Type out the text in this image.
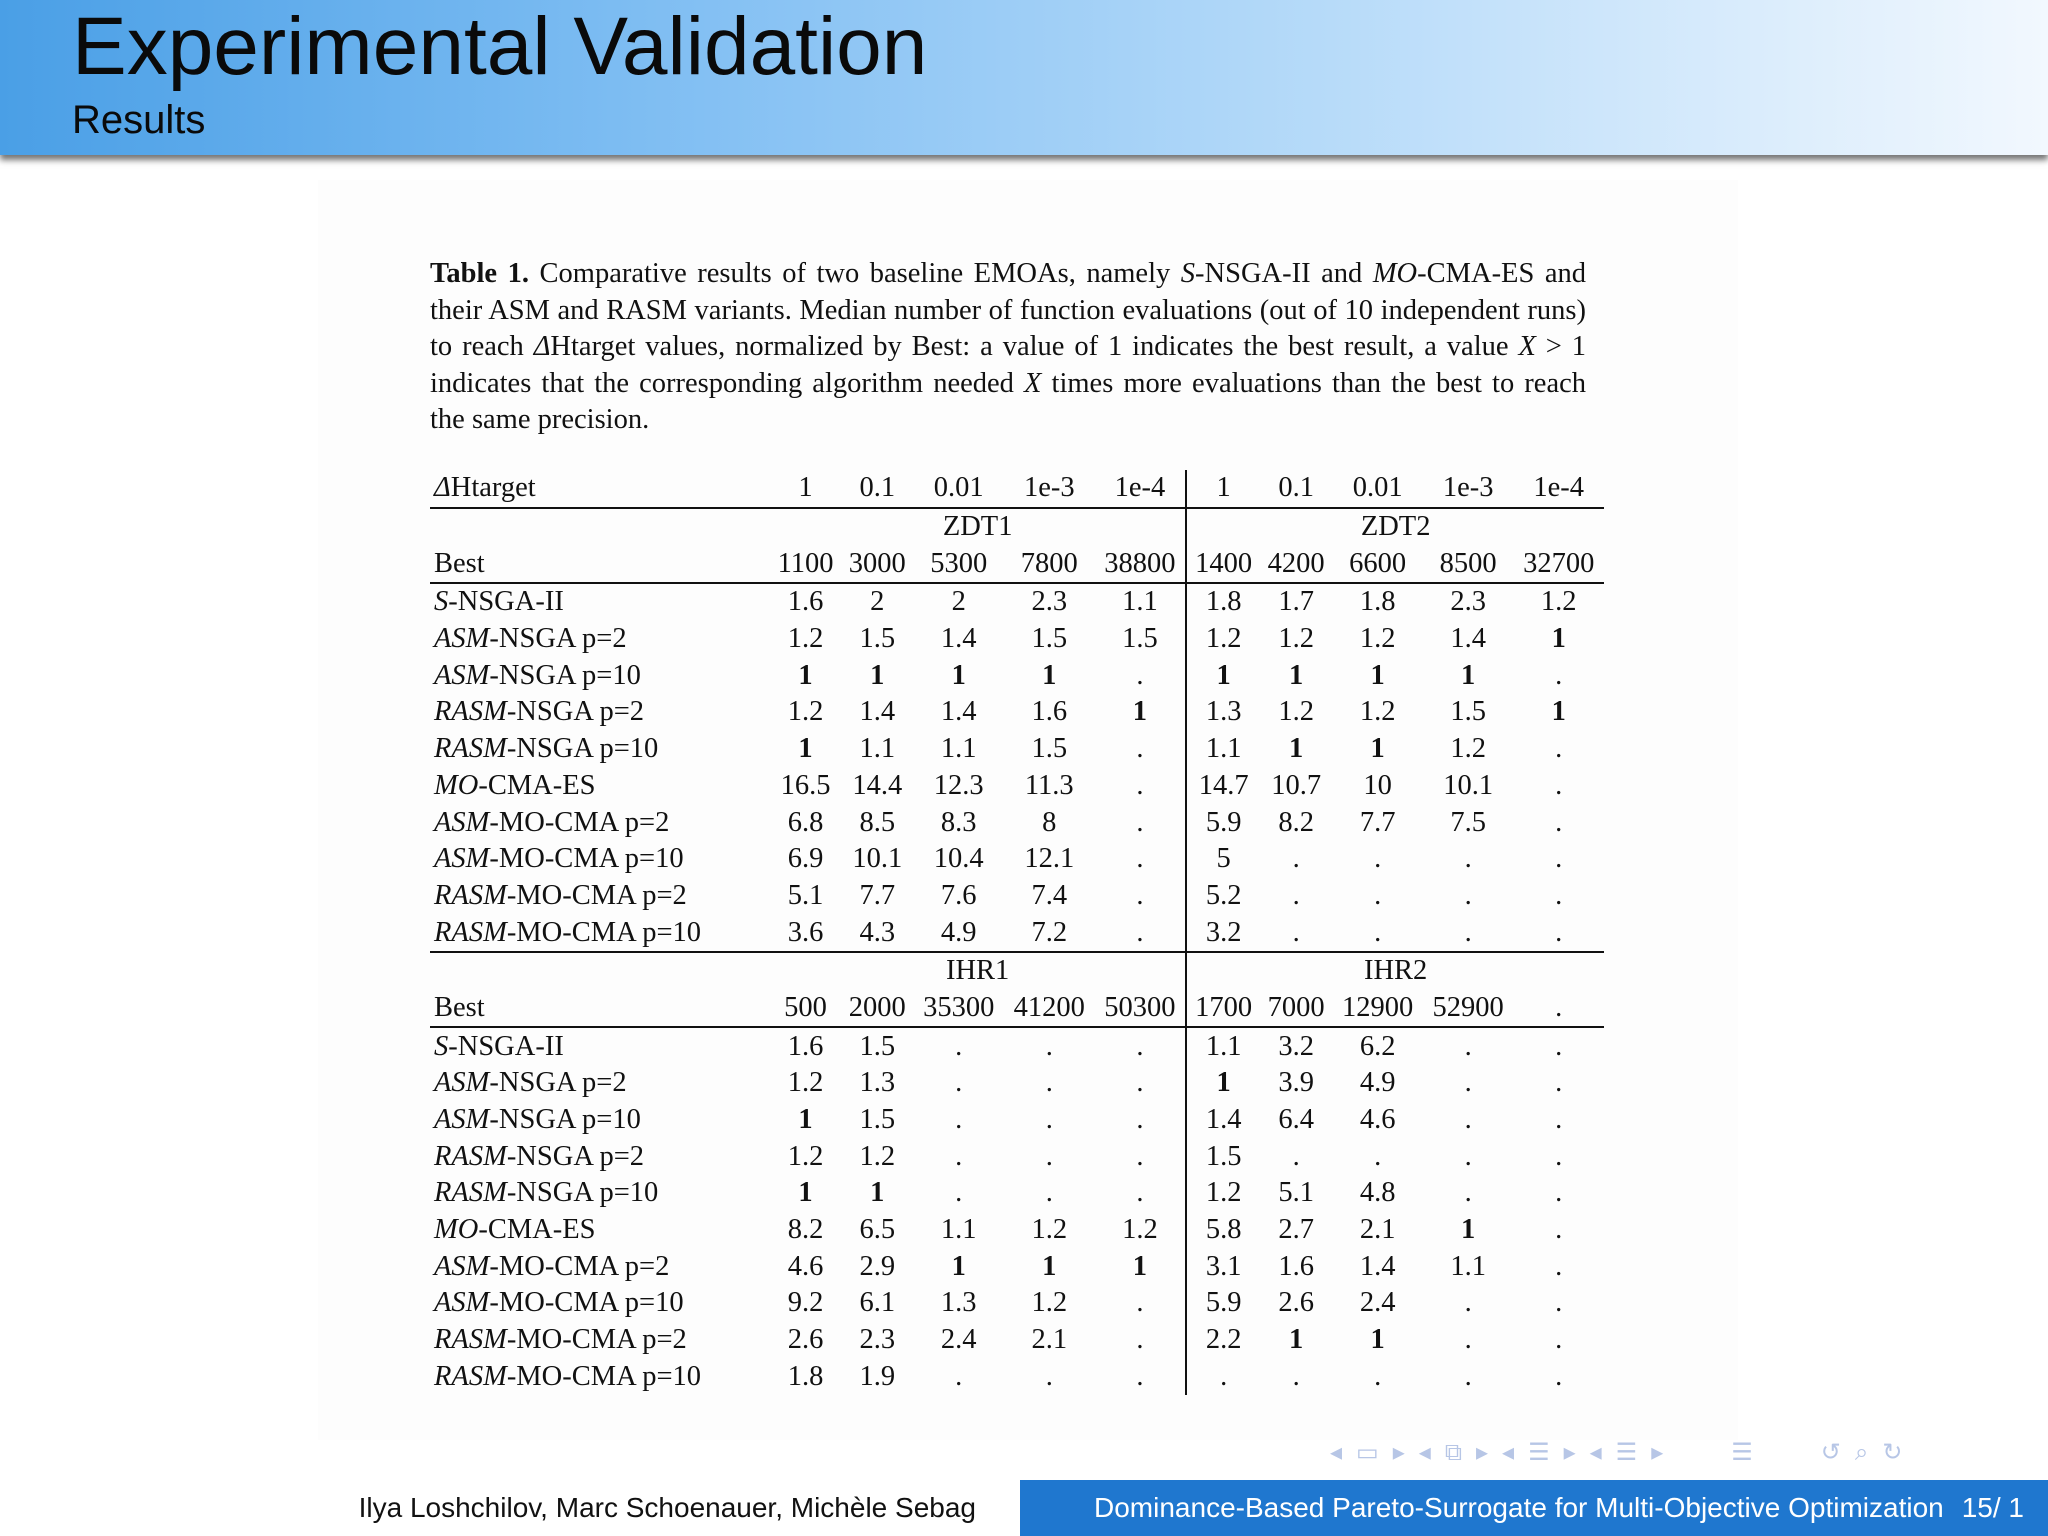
Experimental Validation
Results
Table 1. Comparative results of two baseline EMOAs, namely S-NSGA-II and MO-CMA-ES and their ASM and RASM variants. Median number of function evaluations (out of 10 independent runs) to reach ΔHtarget values, normalized by Best: a value of 1 indicates the best result, a value X > 1 indicates that the corresponding algorithm needed X times more evaluations than the best to reach the same precision.
ΔHtarget	1	0.1	0.01	1e-3	1e-4	1	0.1	0.01	1e-3	1e-4
	ZDT1					ZDT2				
Best	1100	3000	5300	7800	38800	1400	4200	6600	8500	32700
S-NSGA-II	1.6	2	2	2.3	1.1	1.8	1.7	1.8	2.3	1.2
ASM-NSGA p=2	1.2	1.5	1.4	1.5	1.5	1.2	1.2	1.2	1.4	1
ASM-NSGA p=10	1	1	1	1	.	1	1	1	1	.
RASM-NSGA p=2	1.2	1.4	1.4	1.6	1	1.3	1.2	1.2	1.5	1
RASM-NSGA p=10	1	1.1	1.1	1.5	.	1.1	1	1	1.2	.
MO-CMA-ES	16.5	14.4	12.3	11.3	.	14.7	10.7	10	10.1	.
ASM-MO-CMA p=2	6.8	8.5	8.3	8	.	5.9	8.2	7.7	7.5	.
ASM-MO-CMA p=10	6.9	10.1	10.4	12.1	.	5	.	.	.	.
RASM-MO-CMA p=2	5.1	7.7	7.6	7.4	.	5.2	.	.	.	.
RASM-MO-CMA p=10	3.6	4.3	4.9	7.2	.	3.2	.	.	.	.
	IHR1					IHR2				
Best	500	2000	35300	41200	50300	1700	7000	12900	52900	.
S-NSGA-II	1.6	1.5	.	.	.	1.1	3.2	6.2	.	.
ASM-NSGA p=2	1.2	1.3	.	.	.	1	3.9	4.9	.	.
ASM-NSGA p=10	1	1.5	.	.	.	1.4	6.4	4.6	.	.
RASM-NSGA p=2	1.2	1.2	.	.	.	1.5	.	.	.	.
RASM-NSGA p=10	1	1	.	.	.	1.2	5.1	4.8	.	.
MO-CMA-ES	8.2	6.5	1.1	1.2	1.2	5.8	2.7	2.1	1	.
ASM-MO-CMA p=2	4.6	2.9	1	1	1	3.1	1.6	1.4	1.1	.
ASM-MO-CMA p=10	9.2	6.1	1.3	1.2	.	5.9	2.6	2.4	.	.
RASM-MO-CMA p=2	2.6	2.3	2.4	2.1	.	2.2	1	1	.	.
RASM-MO-CMA p=10	1.8	1.9	.	.	.	.	.	.	.	.
◂ ▭ ▸ ◂ ⧉ ▸ ◂ ☰ ▸ ◂ ☰ ▸	☰	↺ ⌕ ↻
Ilya Loshchilov, Marc Schoenauer, Michèle Sebag	Dominance-Based Pareto-Surrogate for Multi-Objective Optimization 15/ 1
